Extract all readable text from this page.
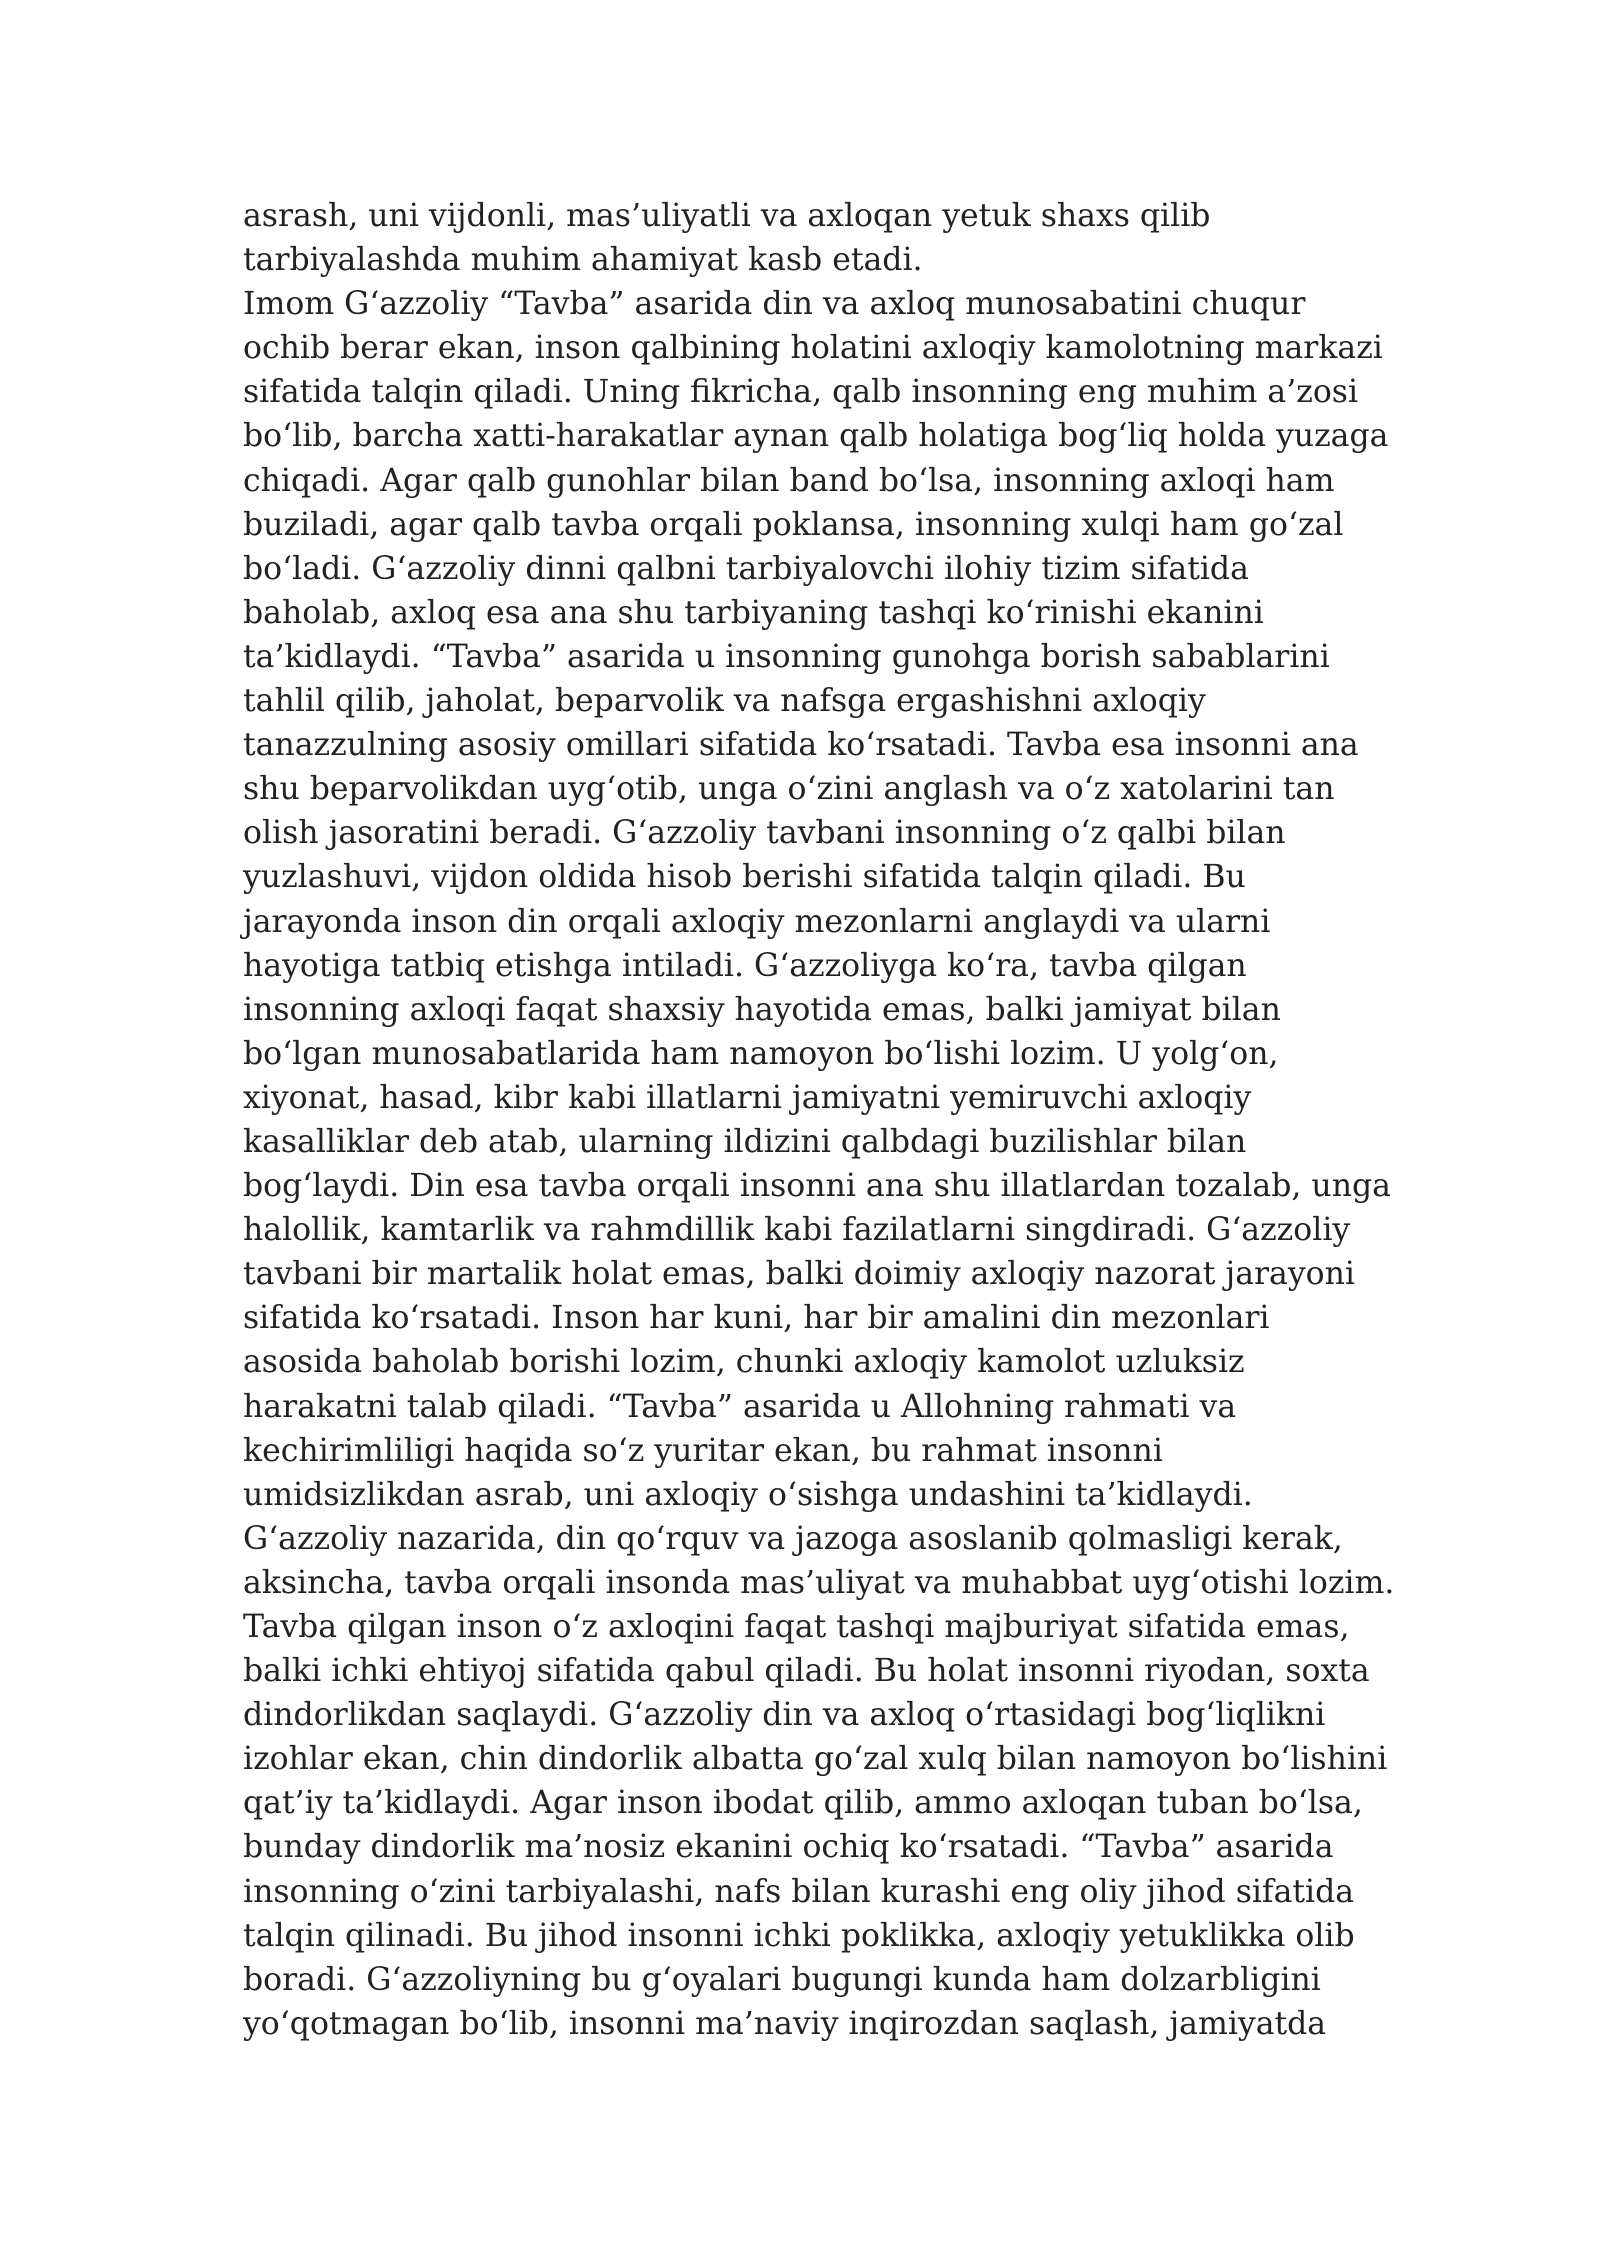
asrash, uni vijdonli, mas’uliyatli va axloqan yetuk shaxs qilib
tarbiyalashda muhim ahamiyat kasb etadi.
Imom G‘azzoliy “Tavba” asarida din va axloq munosabatini chuqur
ochib berar ekan, inson qalbining holatini axloqiy kamolotning markazi
sifatida talqin qiladi. Uning fikricha, qalb insonning eng muhim a’zosi
bo‘lib, barcha xatti-harakatlar aynan qalb holatiga bog‘liq holda yuzaga
chiqadi. Agar qalb gunohlar bilan band bo‘lsa, insonning axloqi ham
buziladi, agar qalb tavba orqali poklansa, insonning xulqi ham go‘zal
bo‘ladi. G‘azzoliy dinni qalbni tarbiyalovchi ilohiy tizim sifatida
baholab, axloq esa ana shu tarbiyaning tashqi ko‘rinishi ekanini
ta’kidlaydi. “Tavba” asarida u insonning gunohga borish sabablarini
tahlil qilib, jaholat, beparvolik va nafsga ergashishni axloqiy
tanazzulning asosiy omillari sifatida ko‘rsatadi. Tavba esa insonni ana
shu beparvolikdan uyg‘otib, unga o‘zini anglash va o‘z xatolarini tan
olish jasoratini beradi. G‘azzoliy tavbani insonning o‘z qalbi bilan
yuzlashuvi, vijdon oldida hisob berishi sifatida talqin qiladi. Bu
jarayonda inson din orqali axloqiy mezonlarni anglaydi va ularni
hayotiga tatbiq etishga intiladi. G‘azzoliyga ko‘ra, tavba qilgan
insonning axloqi faqat shaxsiy hayotida emas, balki jamiyat bilan
bo‘lgan munosabatlarida ham namoyon bo‘lishi lozim. U yolg‘on,
xiyonat, hasad, kibr kabi illatlarni jamiyatni yemiruvchi axloqiy
kasalliklar deb atab, ularning ildizini qalbdagi buzilishlar bilan
bog‘laydi. Din esa tavba orqali insonni ana shu illatlardan tozalab, unga
halollik, kamtarlik va rahmdillik kabi fazilatlarni singdiradi. G‘azzoliy
tavbani bir martalik holat emas, balki doimiy axloqiy nazorat jarayoni
sifatida ko‘rsatadi. Inson har kuni, har bir amalini din mezonlari
asosida baholab borishi lozim, chunki axloqiy kamolot uzluksiz
harakatni talab qiladi. “Tavba” asarida u Allohning rahmati va
kechirimliligi haqida so‘z yuritar ekan, bu rahmat insonni
umidsizlikdan asrab, uni axloqiy o‘sishga undashini ta’kidlaydi.
G‘azzoliy nazarida, din qo‘rquv va jazoga asoslanib qolmasligi kerak,
aksincha, tavba orqali insonda mas’uliyat va muhabbat uyg‘otishi lozim.
Tavba qilgan inson o‘z axloqini faqat tashqi majburiyat sifatida emas,
balki ichki ehtiyoj sifatida qabul qiladi. Bu holat insonni riyodan, soxta
dindorlikdan saqlaydi. G‘azzoliy din va axloq o‘rtasidagi bog‘liqlikni
izohlar ekan, chin dindorlik albatta go‘zal xulq bilan namoyon bo‘lishini
qat’iy ta’kidlaydi. Agar inson ibodat qilib, ammo axloqan tuban bo‘lsa,
bunday dindorlik ma’nosiz ekanini ochiq ko‘rsatadi. “Tavba” asarida
insonning o‘zini tarbiyalashi, nafs bilan kurashi eng oliy jihod sifatida
talqin qilinadi. Bu jihod insonni ichki poklikka, axloqiy yetuklikka olib
boradi. G‘azzoliyning bu g‘oyalari bugungi kunda ham dolzarbligini
yo‘qotmagan bo‘lib, insonni ma’naviy inqirozdan saqlash, jamiyatda
